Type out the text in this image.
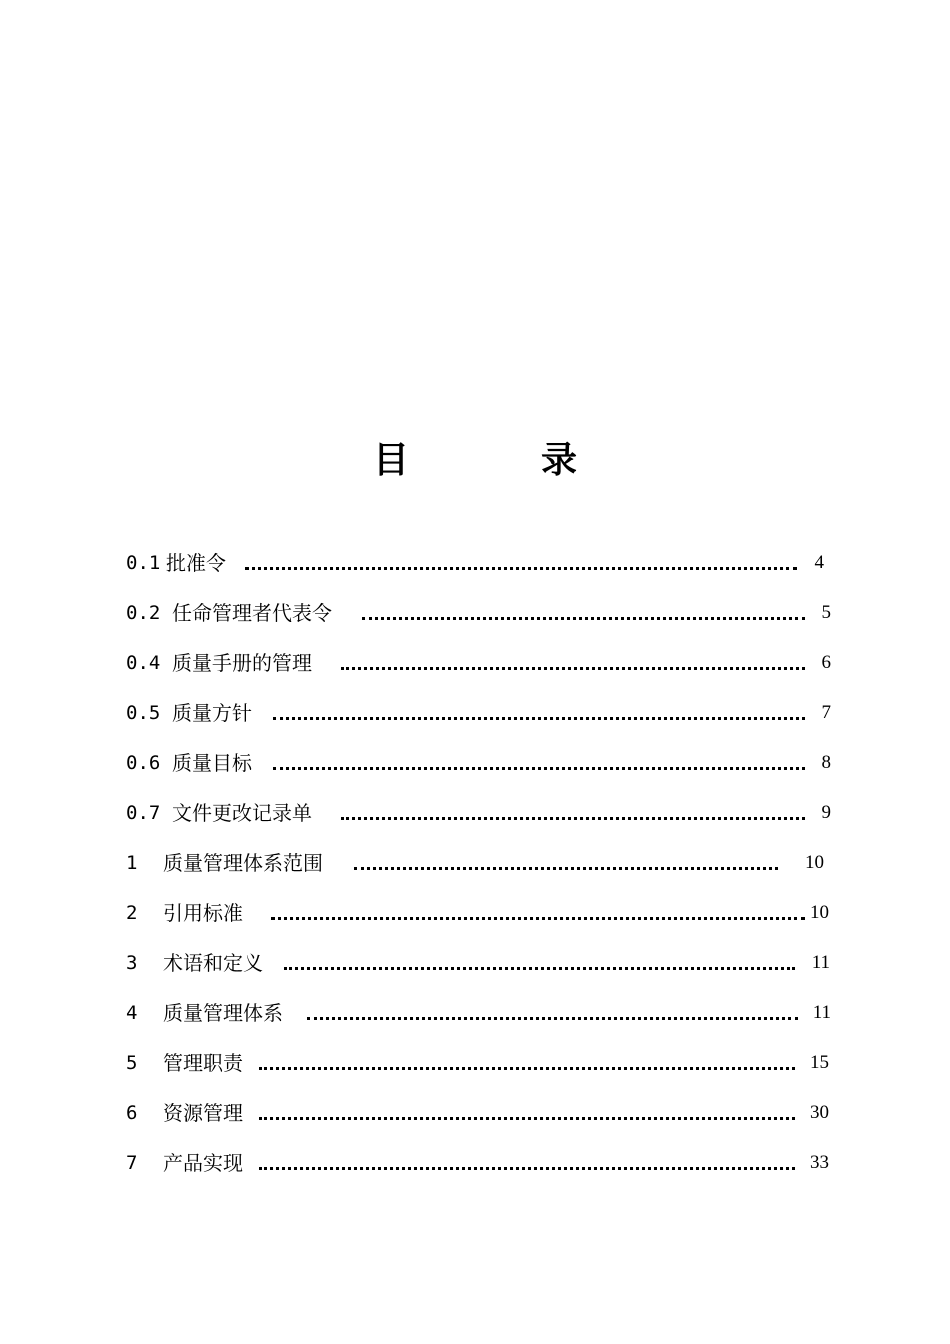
目　录
0.1 批准令	4
0.2 任命管理者代表令	5
0.4 质量手册的管理	6
0.5 质量方针	7
0.6 质量目标	8
0.7 文件更改记录单	9
1 质量管理体系范围	10
2 引用标准	10
3 术语和定义	11
4 质量管理体系	11
5 管理职责	15
6 资源管理	30
7 产品实现	33
